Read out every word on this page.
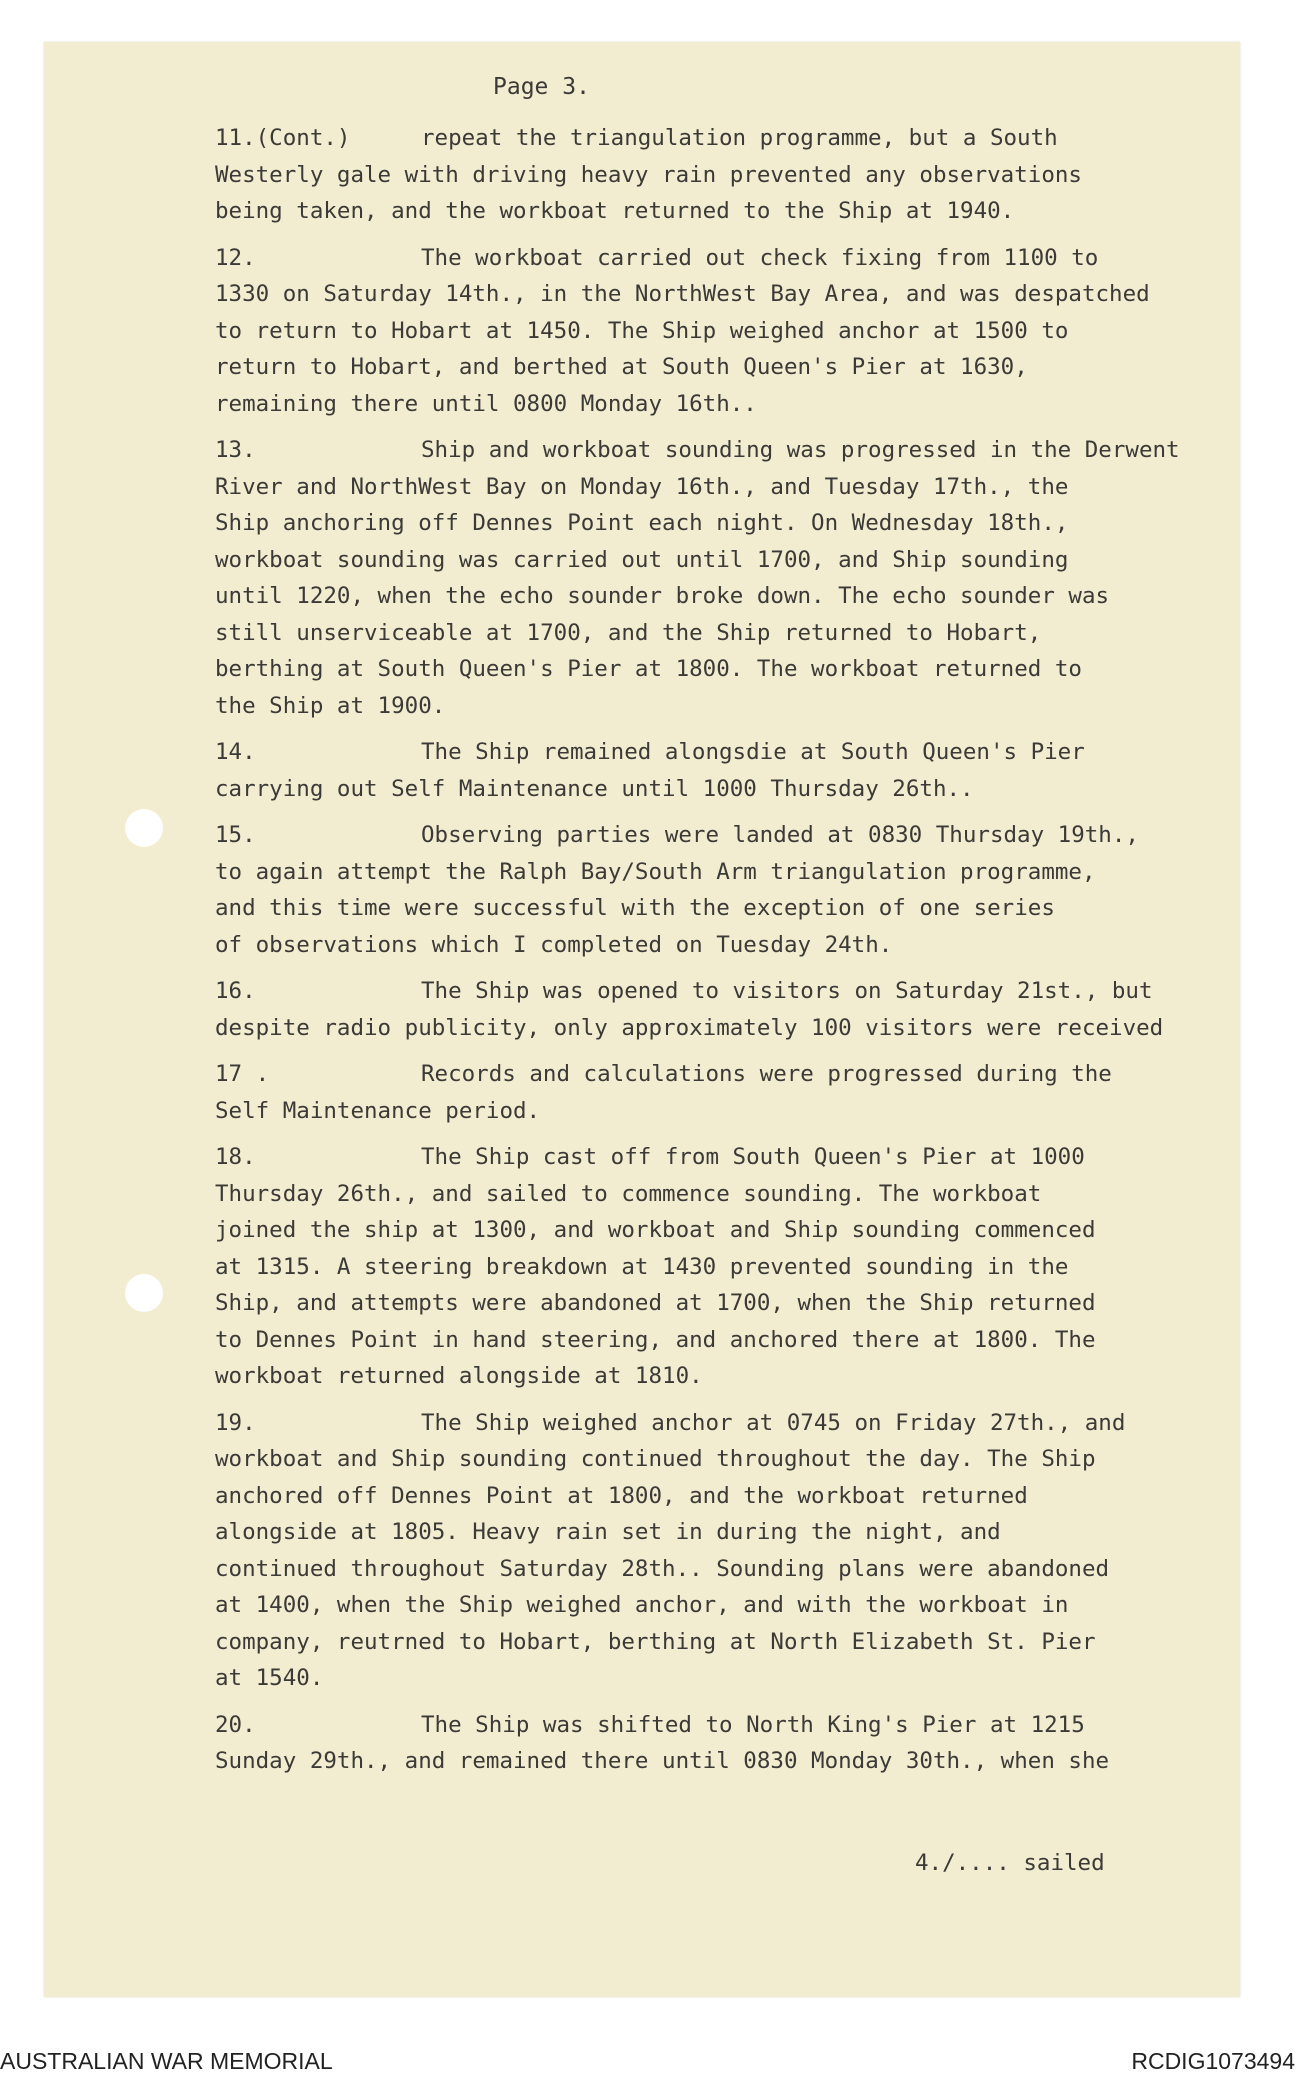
Page 3.
11.(Cont.)	repeat the triangulation programme, but a South
Westerly gale with driving heavy rain prevented any observations
being taken, and the workboat returned to the Ship at 1940.
12.	The workboat carried out check fixing from 1100 to
1330 on Saturday 14th., in the NorthWest Bay Area, and was despatched
to return to Hobart at 1450. The Ship weighed anchor at 1500 to
return to Hobart, and berthed at South Queen's Pier at 1630,
remaining there until 0800 Monday 16th..
13.	Ship and workboat sounding was progressed in the Derwent
River and NorthWest Bay on Monday 16th., and Tuesday 17th., the
Ship anchoring off Dennes Point each night. On Wednesday 18th.,
workboat sounding was carried out until 1700, and Ship sounding
until 1220, when the echo sounder broke down. The echo sounder was
still unserviceable at 1700, and the Ship returned to Hobart,
berthing at South Queen's Pier at 1800. The workboat returned to
the Ship at 1900.
14.	The Ship remained alongsdie at South Queen's Pier
carrying out Self Maintenance until 1000 Thursday 26th..
15.	Observing parties were landed at 0830 Thursday 19th.,
to again attempt the Ralph Bay/South Arm triangulation programme,
and this time were successful with the exception of one series
of observations which I completed on Tuesday 24th.
16.	The Ship was opened to visitors on Saturday 21st., but
despite radio publicity, only approximately 100 visitors were received
17 .	Records and calculations were progressed during the
Self Maintenance period.
18.	The Ship cast off from South Queen's Pier at 1000
Thursday 26th., and sailed to commence sounding. The workboat
joined the ship at 1300, and workboat and Ship sounding commenced
at 1315. A steering breakdown at 1430 prevented sounding in the
Ship, and attempts were abandoned at 1700, when the Ship returned
to Dennes Point in hand steering, and anchored there at 1800. The
workboat returned alongside at 1810.
19.	The Ship weighed anchor at 0745 on Friday 27th., and
workboat and Ship sounding continued throughout the day. The Ship
anchored off Dennes Point at 1800, and the workboat returned
alongside at 1805. Heavy rain set in during the night, and
continued throughout Saturday 28th.. Sounding plans were abandoned
at 1400, when the Ship weighed anchor, and with the workboat in
company, reutrned to Hobart, berthing at North Elizabeth St. Pier
at 1540.
20.	The Ship was shifted to North King's Pier at 1215
Sunday 29th., and remained there until 0830 Monday 30th., when she
4./.... sailed
AUSTRALIAN WAR MEMORIAL	RCDIG1073494
